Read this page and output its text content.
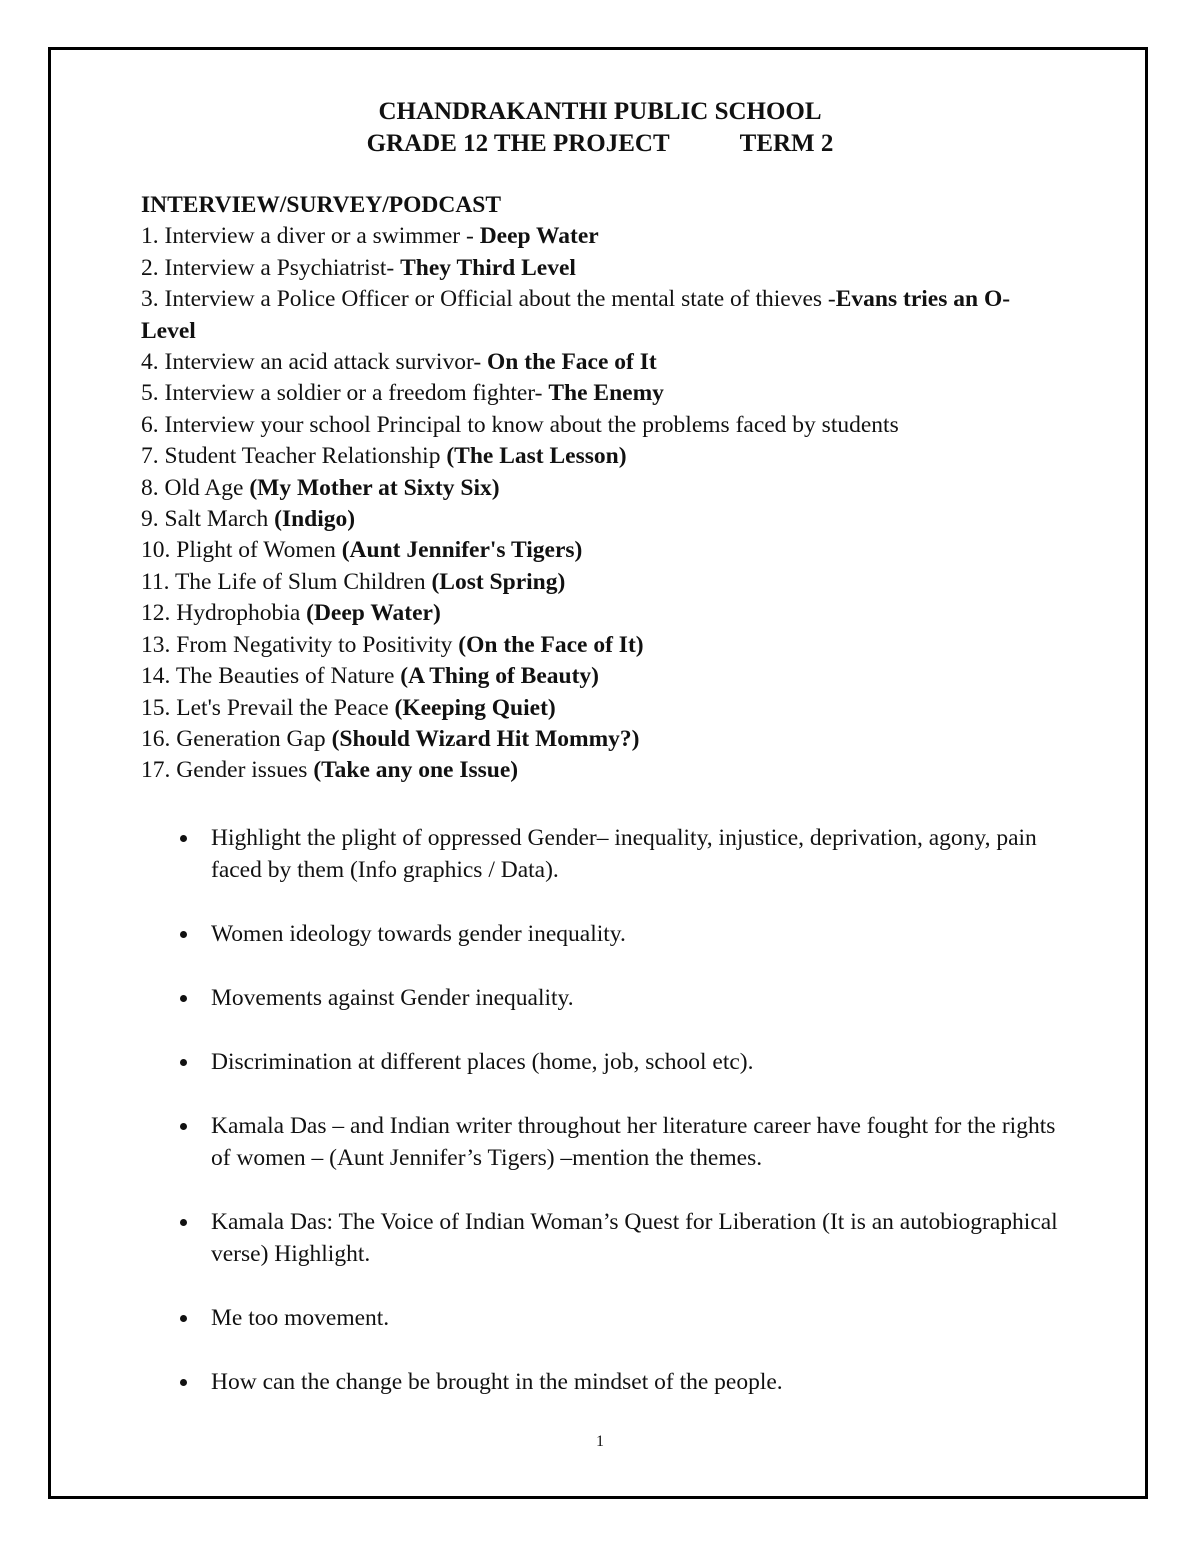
CHANDRAKANTHI PUBLIC SCHOOL
GRADE 12 THE PROJECT	TERM 2
INTERVIEW/SURVEY/PODCAST
1. Interview a diver or a swimmer - Deep Water
2. Interview a Psychiatrist- They Third Level
3. Interview a Police Officer or Official about the mental state of thieves -Evans tries an O- Level
4. Interview an acid attack survivor- On the Face of It
5. Interview a soldier or a freedom fighter- The Enemy
6. Interview your school Principal to know about the problems faced by students
7. Student Teacher Relationship (The Last Lesson)
8. Old Age (My Mother at Sixty Six)
9. Salt March (Indigo)
10. Plight of Women (Aunt Jennifer's Tigers)
11. The Life of Slum Children (Lost Spring)
12. Hydrophobia (Deep Water)
13. From Negativity to Positivity (On the Face of It)
14. The Beauties of Nature (A Thing of Beauty)
15. Let's Prevail the Peace (Keeping Quiet)
16. Generation Gap (Should Wizard Hit Mommy?)
17. Gender issues (Take any one Issue)
Highlight the plight of oppressed Gender– inequality, injustice, deprivation, agony, pain faced by them (Info graphics / Data).
Women ideology towards gender inequality.
Movements against Gender inequality.
Discrimination at different places (home, job, school etc).
Kamala Das – and Indian writer throughout her literature career have fought for the rights of women – (Aunt Jennifer’s Tigers) –mention the themes.
Kamala Das: The Voice of Indian Woman’s Quest for Liberation (It is an autobiographical verse) Highlight.
Me too movement.
How can the change be brought in the mindset of the people.
1
